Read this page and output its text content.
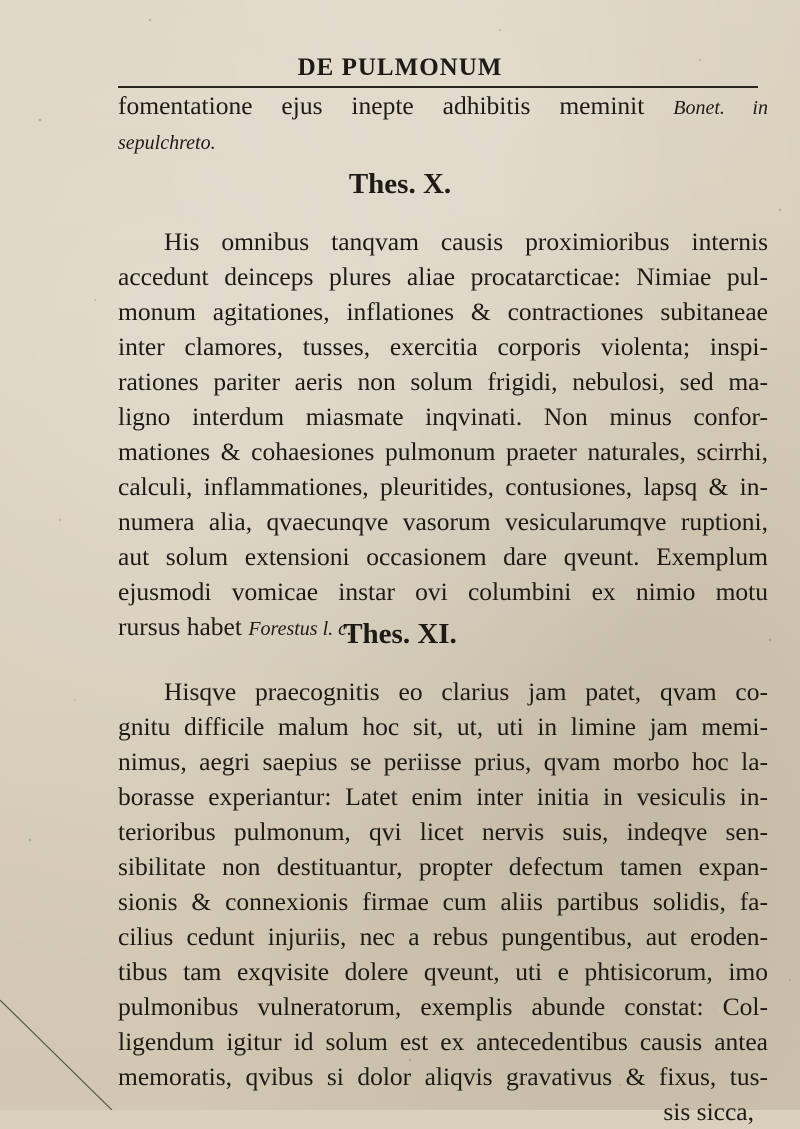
DE PULMONUM
fomentatione ejus inepte adhibitis meminit Bonet. in
sepulchreto.
Thes. X.
His omnibus tanqvam causis proximioribus internis
accedunt deinceps plures aliae procatarcticae: Nimiae pul-
monum agitationes, inflationes & contractiones subitaneae
inter clamores, tusses, exercitia corporis violenta; inspi-
rationes pariter aeris non solum frigidi, nebulosi, sed ma-
ligno interdum miasmate inqvinati. Non minus confor-
mationes & cohaesiones pulmonum praeter naturales, scirrhi,
calculi, inflammationes, pleuritides, contusiones, lapsq & in-
numera alia, qvaecunqve vasorum vesicularumqve ruptioni,
aut solum extensioni occasionem dare qveunt. Exemplum
ejusmodi vomicae instar ovi columbini ex nimio motu
rursus habet Forestus l. c.
Thes. XI.
Hisqve praecognitis eo clarius jam patet, qvam co-
gnitu difficile malum hoc sit, ut, uti in limine jam memi-
nimus, aegri saepius se periisse prius, qvam morbo hoc la-
borasse experiantur: Latet enim inter initia in vesiculis in-
terioribus pulmonum, qvi licet nervis suis, indeqve sen-
sibilitate non destituantur, propter defectum tamen expan-
sionis & connexionis firmae cum aliis partibus solidis, fa-
cilius cedunt injuriis, nec a rebus pungentibus, aut eroden-
tibus tam exqvisite dolere qveunt, uti e phtisicorum, imo
pulmonibus vulneratorum, exemplis abunde constat: Col-
ligendum igitur id solum est ex antecedentibus causis antea
memoratis, qvibus si dolor aliqvis gravativus & fixus, tus-
sis sicca,
